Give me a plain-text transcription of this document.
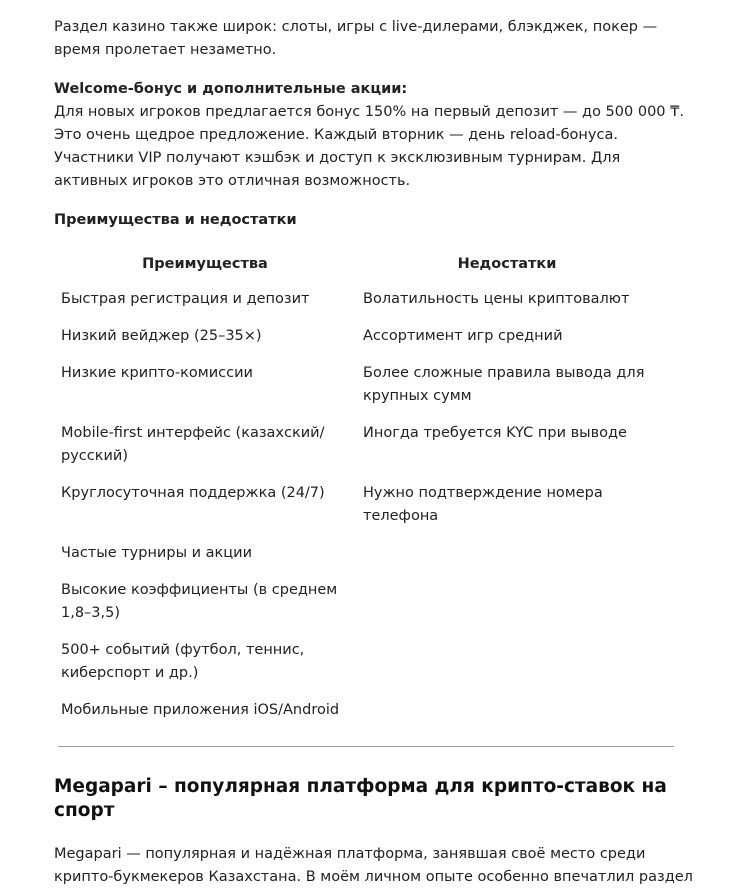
Раздел казино также широк: слоты, игры с live-дилерами, блэкджек, покер — время пролетает незаметно.

Welcome-бонус и дополнительные акции:
Для новых игроков предлагается бонус 150% на первый депозит — до 500 000 ₸. Это очень щедрое предложение. Каждый вторник — день reload-бонуса. Участники VIP получают кэшбэк и доступ к эксклюзивным турнирам. Для активных игроков это отличная возможность.

Преимущества и недостатки
Преимущества	Недостатки
Быстрая регистрация и депозит	Волатильность цены криптовалют
Низкий вейджер (25–35×)	Ассортимент игр средний
Низкие крипто-комиссии	Более сложные правила вывода для крупных сумм
Mobile-first интерфейс (казахский/русский)	Иногда требуется KYC при выводе
Круглосуточная поддержка (24/7)	Нужно подтверждение номера телефона
Частые турниры и акции	
Высокие коэффициенты (в среднем 1,8–3,5)	
500+ событий (футбол, теннис, киберспорт и др.)	
Мобильные приложения iOS/Android	
Megapari – популярная платформа для крипто-ставок на спорт

Megapari — популярная и надёжная платформа, занявшая своё место среди крипто-букмекеров Казахстана. В моём личном опыте особенно впечатлил раздел
